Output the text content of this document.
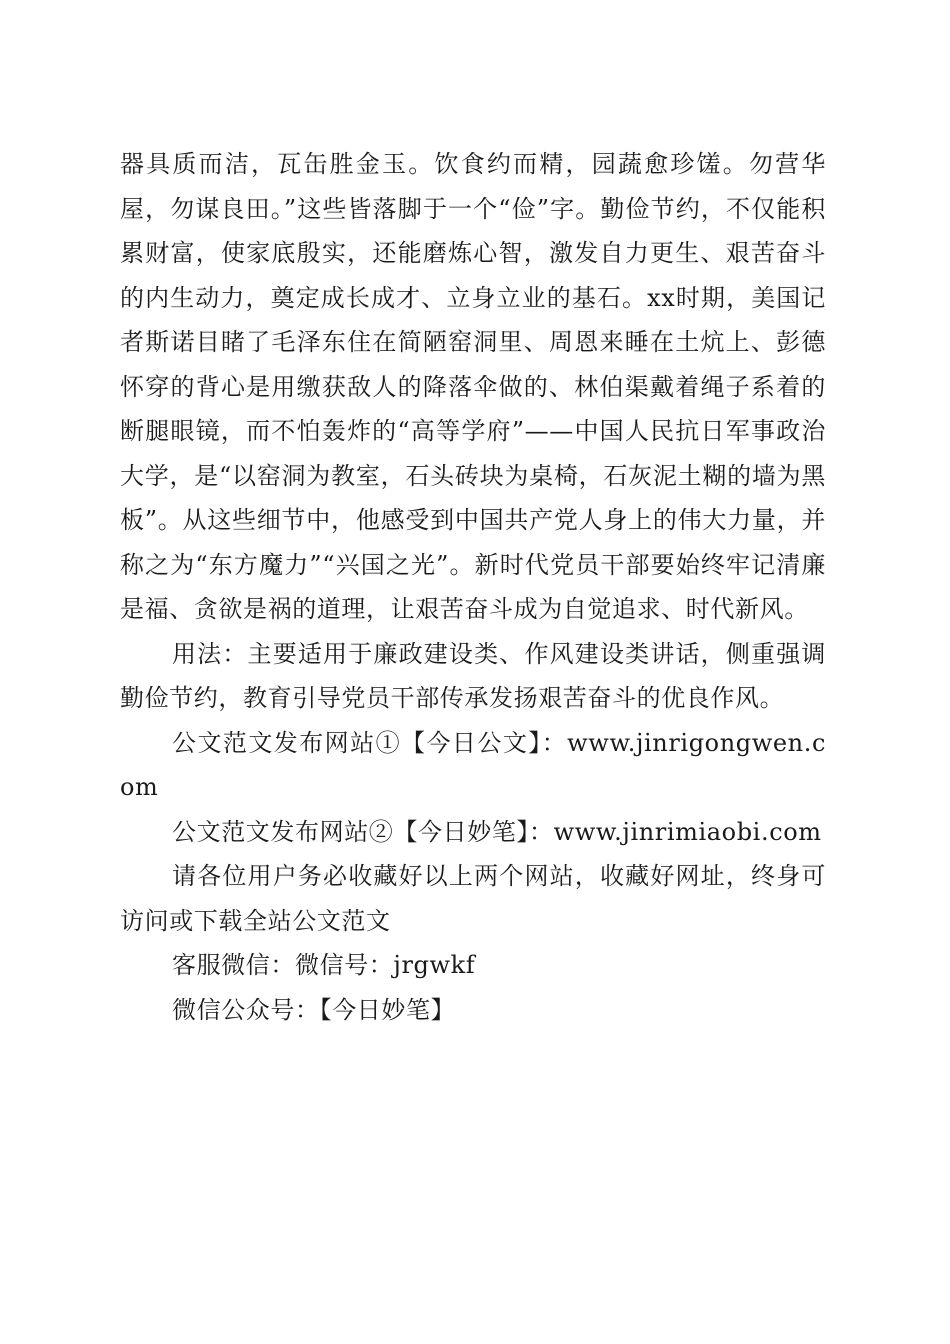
器具质而洁，瓦缶胜金玉。饮食约而精，园蔬愈珍馐。勿营华屋，勿谋良田。”这些皆落脚于一个“俭”字。勤俭节约，不仅能积累财富，使家底殷实，还能磨炼心智，激发自力更生、艰苦奋斗的内生动力，奠定成长成才、立身立业的基石。xx时期，美国记者斯诺目睹了毛泽东住在简陋窑洞里、周恩来睡在土炕上、彭德怀穿的背心是用缴获敌人的降落伞做的、林伯渠戴着绳子系着的断腿眼镜，而不怕轰炸的“高等学府”——中国人民抗日军事政治大学，是“以窑洞为教室，石头砖块为桌椅，石灰泥土糊的墙为黑板”。从这些细节中，他感受到中国共产党人身上的伟大力量，并称之为“东方魔力”“兴国之光”。新时代党员干部要始终牢记清廉是福、贪欲是祸的道理，让艰苦奋斗成为自觉追求、时代新风。

用法：主要适用于廉政建设类、作风建设类讲话，侧重强调勤俭节约，教育引导党员干部传承发扬艰苦奋斗的优良作风。

公文范文发布网站①【今日公文】：www.jinrigongwen.com

公文范文发布网站②【今日妙笔】：www.jinrimiaobi.com

请各位用户务必收藏好以上两个网站，收藏好网址，终身可访问或下载全站公文范文

客服微信：微信号：jrgwkf

微信公众号：【今日妙笔】
